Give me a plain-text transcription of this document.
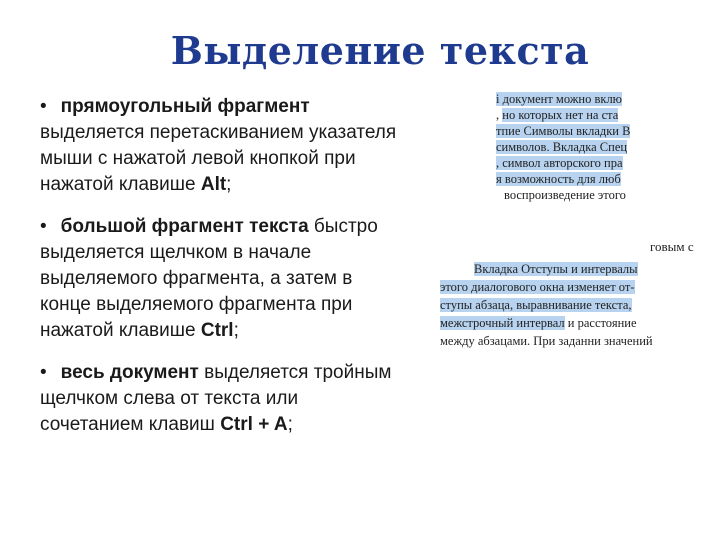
Выделение текста
• прямоугольный фрагмент
выделяется перетаскиванием указателя
мыши с нажатой левой кнопкой при
нажатой клавише Alt;
• большой фрагмент текста быстро
выделяется щелчком в начале
выделяемого фрагмента, а затем в
конце выделяемого фрагмента при
нажатой клавише Ctrl;
• весь документ выделяется тройным
щелчком слева от текста или
сочетанием клавиш Ctrl + A;
і документ можно вклю
, но которых нет на ста
тпие Символы вкладки В
символов. Вкладка Спец
, символ авторского пра
я возможность для люб
воспроизведение этого
говым с
Вкладка Отступы и интервалы
этого диалогового окна изменяет от-
ступы абзаца, выравнивание текста,
межстрочный интервал и расстояние
между абзацами. При заданни значений
